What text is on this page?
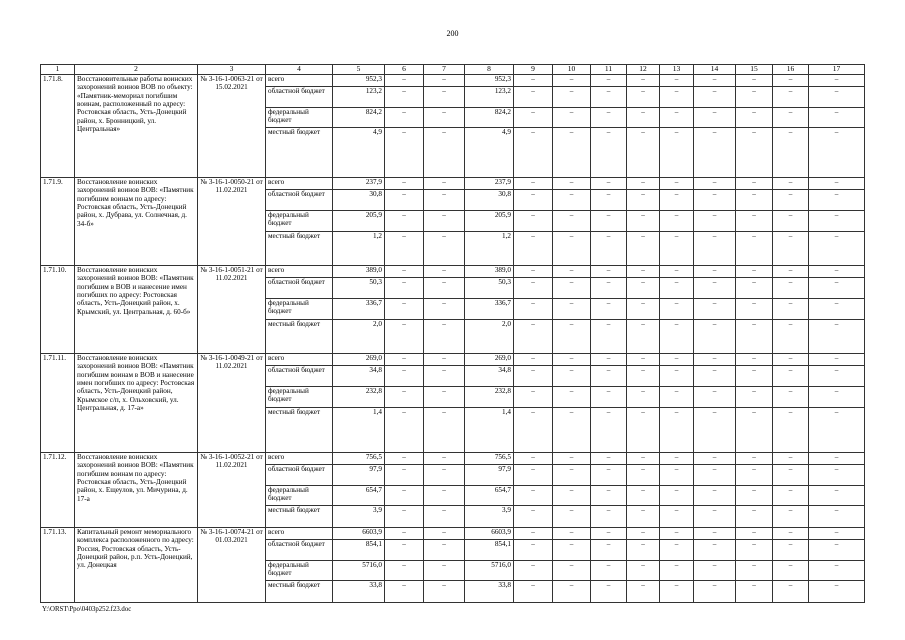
200
1	2	3	4	5	6	7	8	9	10	11	12	13	14	15	16	17
1.71.8.	Восстановительные работы воинских захоронений воинов ВОВ по объекту: «Памятник-мемориал погибшим воинам, расположенный по адресу: Ростовская область, Усть-Донецкий район, х. Бронницкий, ул. Центральная»	№ 3-16-1-0063-21 от 15.02.2021	всего	952,3	–	–	952,3	–	–	–	–	–	–	–	–	–
			областной бюджет	123,2	–	–	123,2	–	–	–	–	–	–	–	–	–
			федеральный бюджет	824,2	–	–	824,2	–	–	–	–	–	–	–	–	–
			местный бюджет	4,9	–	–	4,9	–	–	–	–	–	–	–	–	–
1.71.9.	Восстановление воинских захоронений воинов ВОВ: «Памятник погибшим воинам по адресу: Ростовская область, Усть-Донецкий район, х. Дубрава, ул. Солнечная, д. 34-б»	№ 3-16-1-0050-21 от 11.02.2021	всего	237,9	–	–	237,9	–	–	–	–	–	–	–	–	–
			областной бюджет	30,8	–	–	30,8	–	–	–	–	–	–	–	–	–
			федеральный бюджет	205,9	–	–	205,9	–	–	–	–	–	–	–	–	–
			местный бюджет	1,2	–	–	1,2	–	–	–	–	–	–	–	–	–
1.71.10.	Восстановление воинских захоронений воинов ВОВ: «Памятник погибшим в ВОВ и нанесение имен погибших по адресу: Ростовская область, Усть-Донецкий район, х. Крымский, ул. Центральная, д. 60-б»	№ 3-16-1-0051-21 от 11.02.2021	всего	389,0	–	–	389,0	–	–	–	–	–	–	–	–	–
			областной бюджет	50,3	–	–	50,3	–	–	–	–	–	–	–	–	–
			федеральный бюджет	336,7	–	–	336,7	–	–	–	–	–	–	–	–	–
			местный бюджет	2,0	–	–	2,0	–	–	–	–	–	–	–	–	–
1.71.11.	Восстановление воинских захоронений воинов ВОВ: «Памятник погибшим воинам в ВОВ и нанесение имен погибших по адресу: Ростовская область, Усть-Донецкий район, Крымское с/п, х. Ольховский, ул. Центральная, д. 17-а»	№ 3-16-1-0049-21 от 11.02.2021	всего	269,0	–	–	269,0	–	–	–	–	–	–	–	–	–
			областной бюджет	34,8	–	–	34,8	–	–	–	–	–	–	–	–	–
			федеральный бюджет	232,8	–	–	232,8	–	–	–	–	–	–	–	–	–
			местный бюджет	1,4	–	–	1,4	–	–	–	–	–	–	–	–	–
1.71.12.	Восстановление воинских захоронений воинов ВОВ: «Памятник погибшим воинам по адресу: Ростовская область, Усть-Донецкий район, х. Ещеулов, ул. Мичурина, д. 17-а	№ 3-16-1-0052-21 от 11.02.2021	всего	756,5	–	–	756,5	–	–	–	–	–	–	–	–	–
			областной бюджет	97,9	–	–	97,9	–	–	–	–	–	–	–	–	–
			федеральный бюджет	654,7	–	–	654,7	–	–	–	–	–	–	–	–	–
			местный бюджет	3,9	–	–	3,9	–	–	–	–	–	–	–	–	–
1.71.13.	Капитальный ремонт мемориального комплекса расположенного по адресу: Россия, Ростовская область, Усть-Донецкий район, р.п. Усть-Донецкий, ул. Донецкая	№ 3-16-1-0074-21 от 01.03.2021	всего	6603,9	–	–	6603,9	–	–	–	–	–	–	–	–	–
			областной бюджет	854,1	–	–	854,1	–	–	–	–	–	–	–	–	–
			федеральный бюджет	5716,0	–	–	5716,0	–	–	–	–	–	–	–	–	–
			местный бюджет	33,8	–	–	33,8	–	–	–	–	–	–	–	–	–
Y:\ORST\Ppo\0403p252.f23.doc
